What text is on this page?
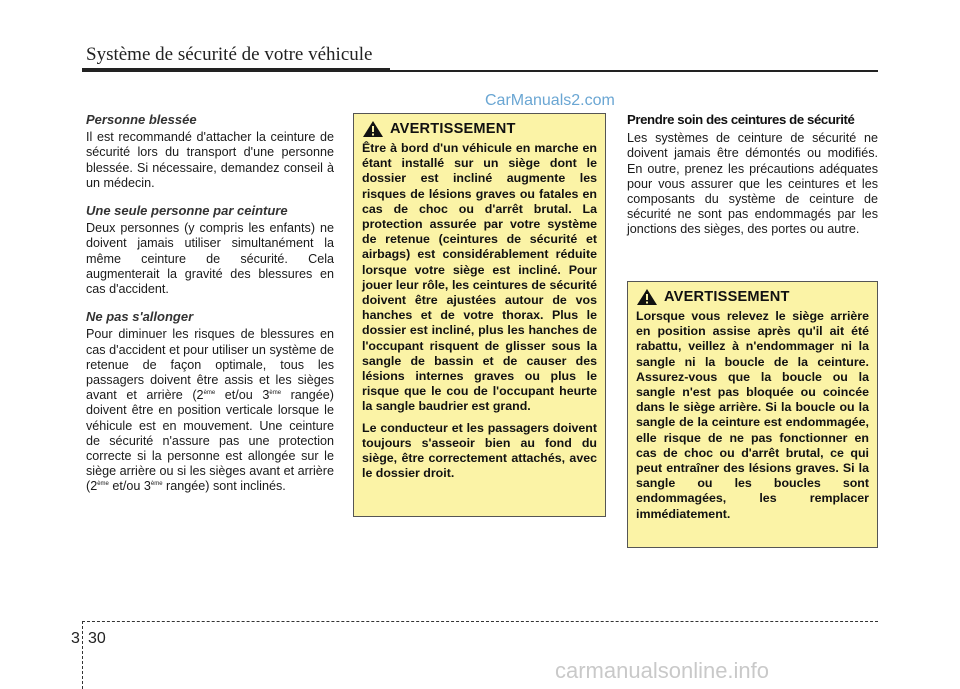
Système de sécurité de votre véhicule
CarManuals2.com
Personne blessée

Il est recommandé d'attacher la ceinture de sécurité lors du transport d'une personne blessée. Si nécessaire, demandez conseil à un médecin.

Une seule personne par ceinture

Deux personnes (y compris les enfants) ne doivent jamais utiliser simultanément la même ceinture de sécurité. Cela augmenterait la gravité des blessures en cas d'accident.

Ne pas s'allonger

Pour diminuer les risques de blessures en cas d'accident et pour utiliser un système de retenue de façon optimale, tous les passagers doivent être assis et les sièges avant et arrière (2ème et/ou 3ème rangée) doivent être en position verticale lorsque le véhicule est en mouvement. Une ceinture de sécurité n'assure pas une protection correcte si la personne est allongée sur le siège arrière ou si les sièges avant et arrière (2ème et/ou 3ème rangée) sont inclinés.

AVERTISSEMENT

Être à bord d'un véhicule en marche en étant installé sur un siège dont le dossier est incliné augmente les risques de lésions graves ou fatales en cas de choc ou d'arrêt brutal. La protection assurée par votre système de retenue (ceintures de sécurité et airbags) est considérablement réduite lorsque votre siège est incliné. Pour jouer leur rôle, les ceintures de sécurité doivent être ajustées autour de vos hanches et de votre thorax. Plus le dossier est incliné, plus les hanches de l'occupant risquent de glisser sous la sangle de bassin et de causer des lésions internes graves ou plus le risque que le cou de l'occupant heurte la sangle baudrier est grand.

Le conducteur et les passagers doivent toujours s'asseoir bien au fond du siège, être correctement attachés, avec le dossier droit.

Prendre soin des ceintures de sécurité

Les systèmes de ceinture de sécurité ne doivent jamais être démontés ou modifiés. En outre, prenez les précautions adéquates pour vous assurer que les ceintures et les composants du système de ceinture de sécurité ne sont pas endommagés par les jonctions des sièges, des portes ou autre.

AVERTISSEMENT

Lorsque vous relevez le siège arrière en position assise après qu'il ait été rabattu, veillez à n'endommager ni la sangle ni la boucle de la ceinture. Assurez-vous que la boucle ou la sangle n'est pas bloquée ou coincée dans le siège arrière. Si la boucle ou la sangle de la ceinture est endommagée, elle risque de ne pas fonctionner en cas de choc ou d'arrêt brutal, ce qui peut entraîner des lésions graves. Si la sangle ou les boucles sont endommagées, les remplacer immédiatement.

3 30
carmanualsonline.info
